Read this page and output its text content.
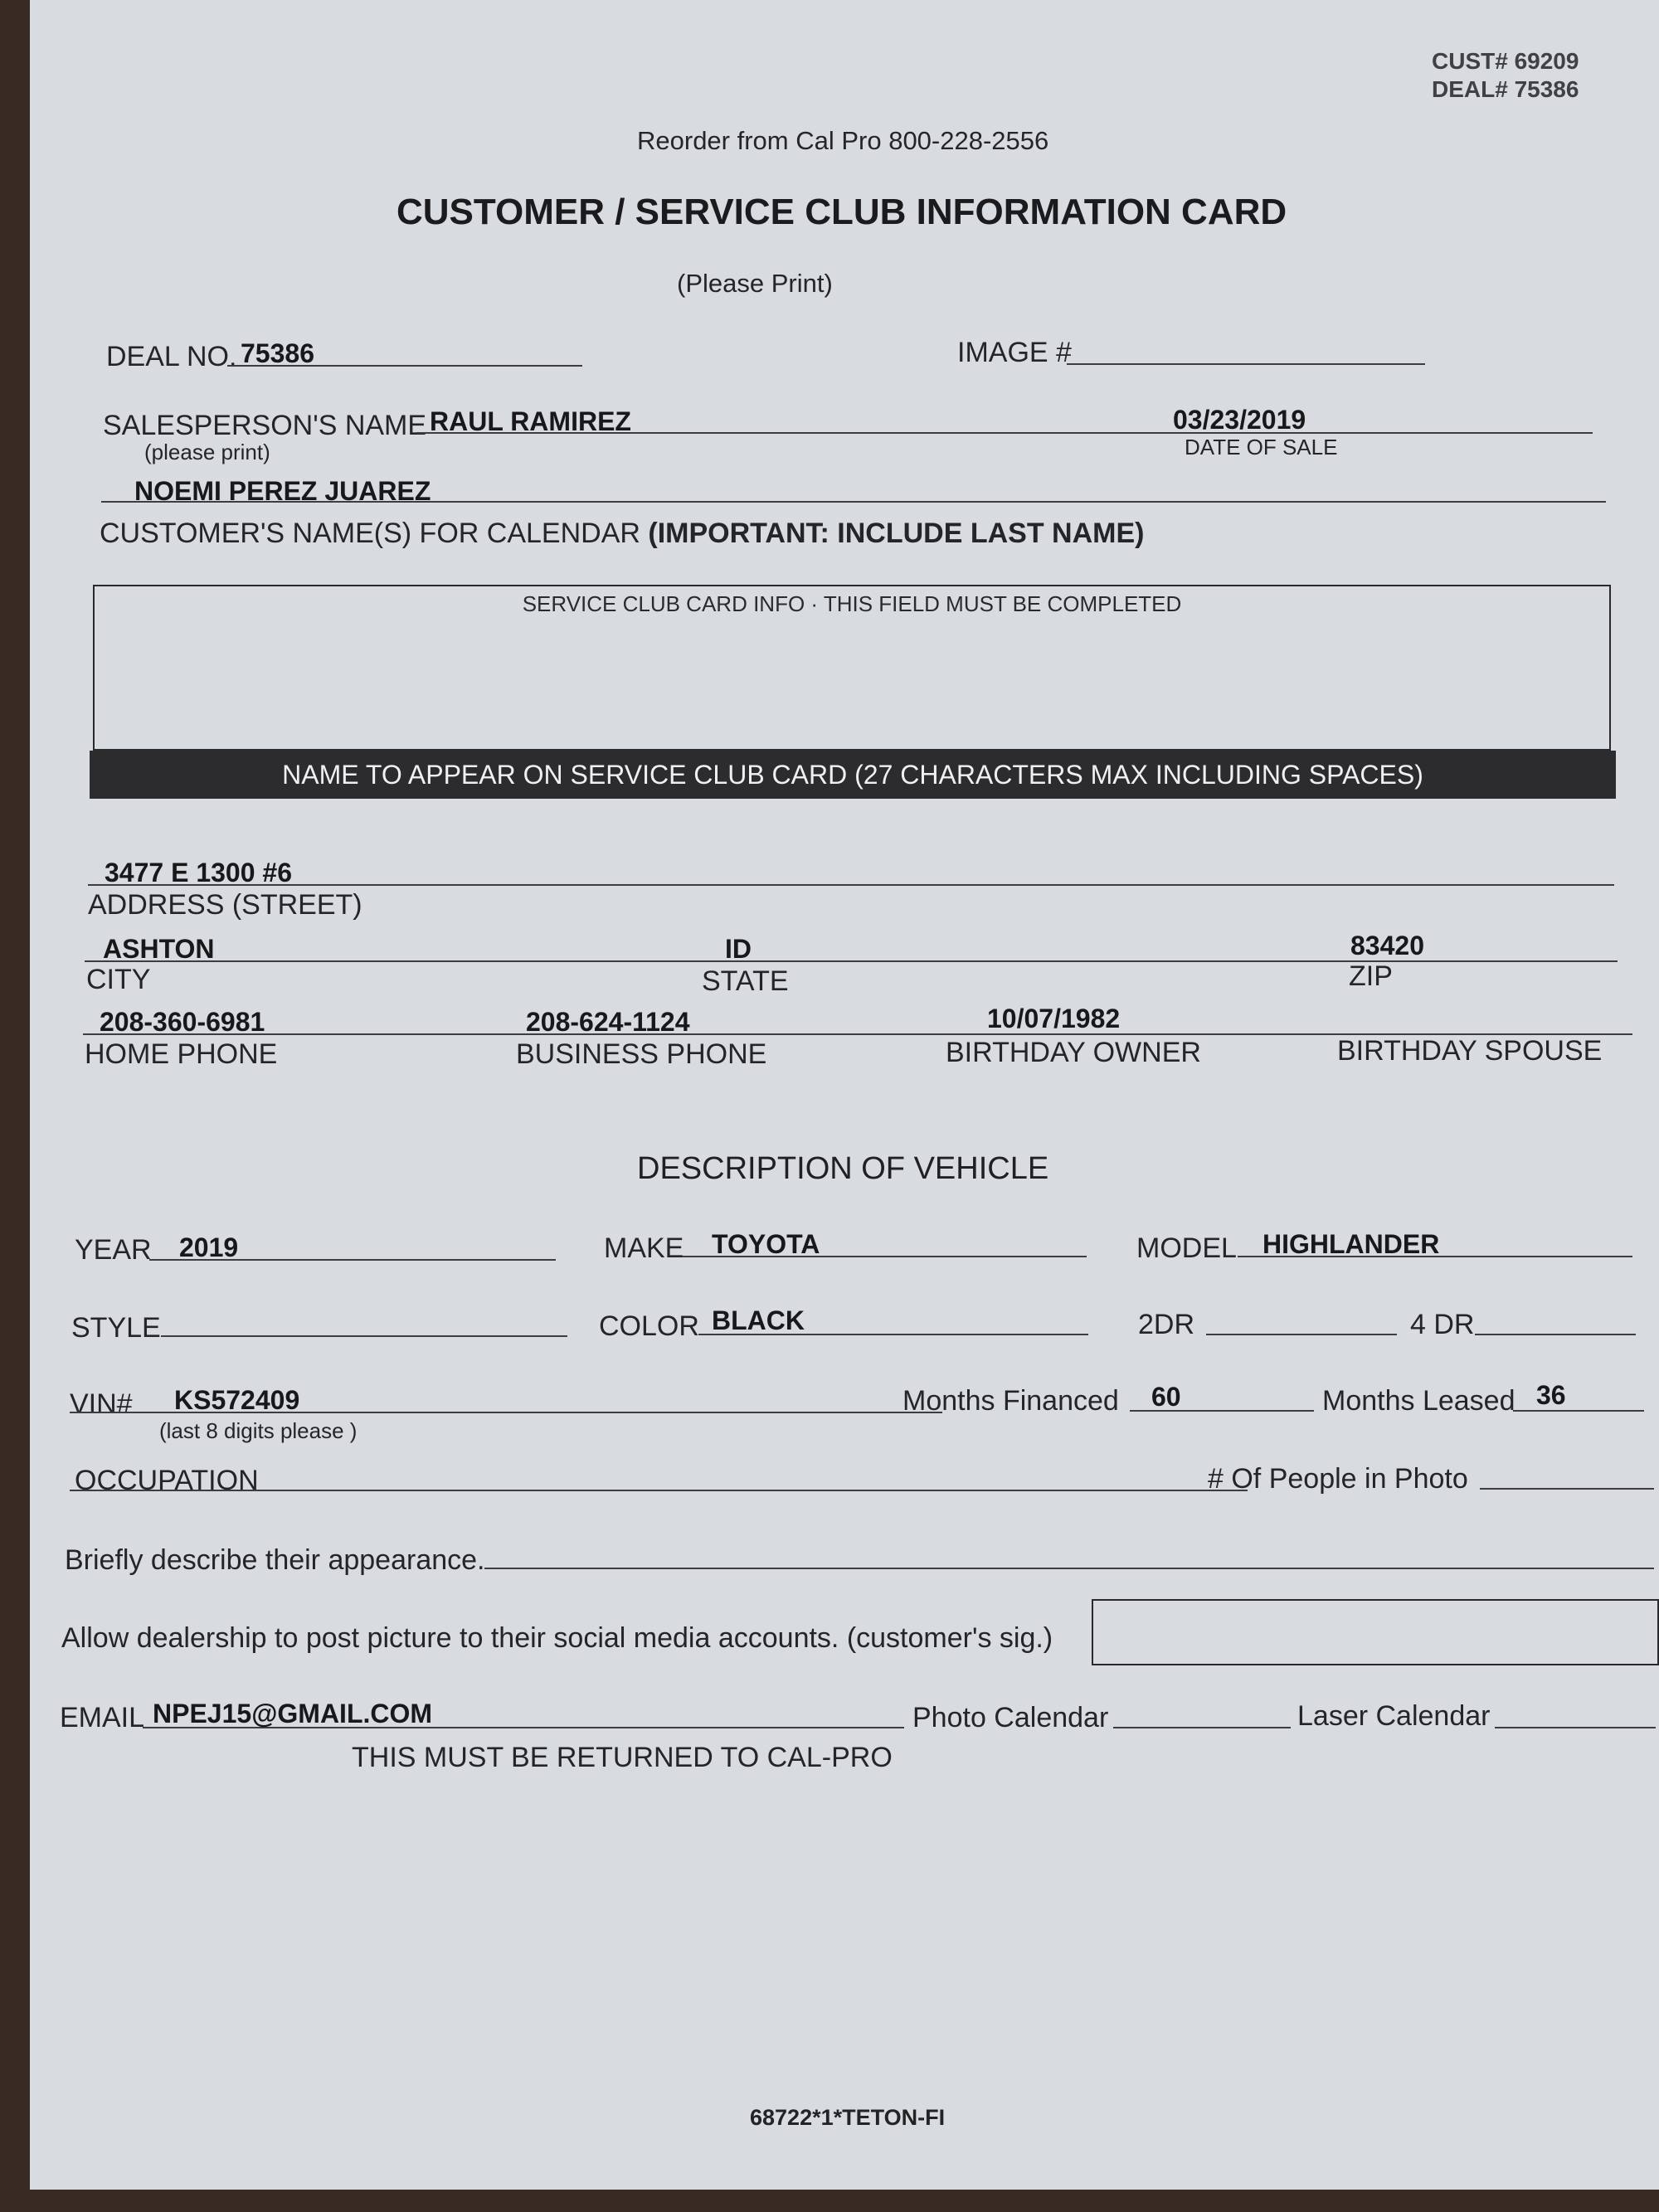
CUST# 69209
DEAL# 75386
Reorder from Cal Pro 800-228-2556
CUSTOMER / SERVICE CLUB INFORMATION CARD
(Please Print)
DEAL NO. 75386	IMAGE #
SALESPERSON'S NAME
(please print)
RAUL RAMIREZ	03/23/2019
DATE OF SALE
NOEMI PEREZ JUAREZ
CUSTOMER'S NAME(S) FOR CALENDAR (IMPORTANT: INCLUDE LAST NAME)
SERVICE CLUB CARD INFO · THIS FIELD MUST BE COMPLETED
NAME TO APPEAR ON SERVICE CLUB CARD (27 CHARACTERS MAX INCLUDING SPACES)
3477 E 1300 #6
ADDRESS (STREET)
ASHTON
CITY
ID
STATE
83420
ZIP
208-360-6981
HOME PHONE
208-624-1124
BUSINESS PHONE
10/07/1982
BIRTHDAY OWNER	BIRTHDAY SPOUSE
DESCRIPTION OF VEHICLE
YEAR 2019	MAKE TOYOTA	MODEL HIGHLANDER
STYLE	COLOR BLACK	2DR	4 DR
VIN# KS572409
(last 8 digits please )
Months Financed 60	Months Leased 36
OCCUPATION	# Of People in Photo
Briefly describe their appearance.
Allow dealership to post picture to their social media accounts. (customer's sig.)
EMAIL NPEJ15@GMAIL.COM	Photo Calendar	Laser Calendar
THIS MUST BE RETURNED TO CAL-PRO
68722*1*TETON-FI
